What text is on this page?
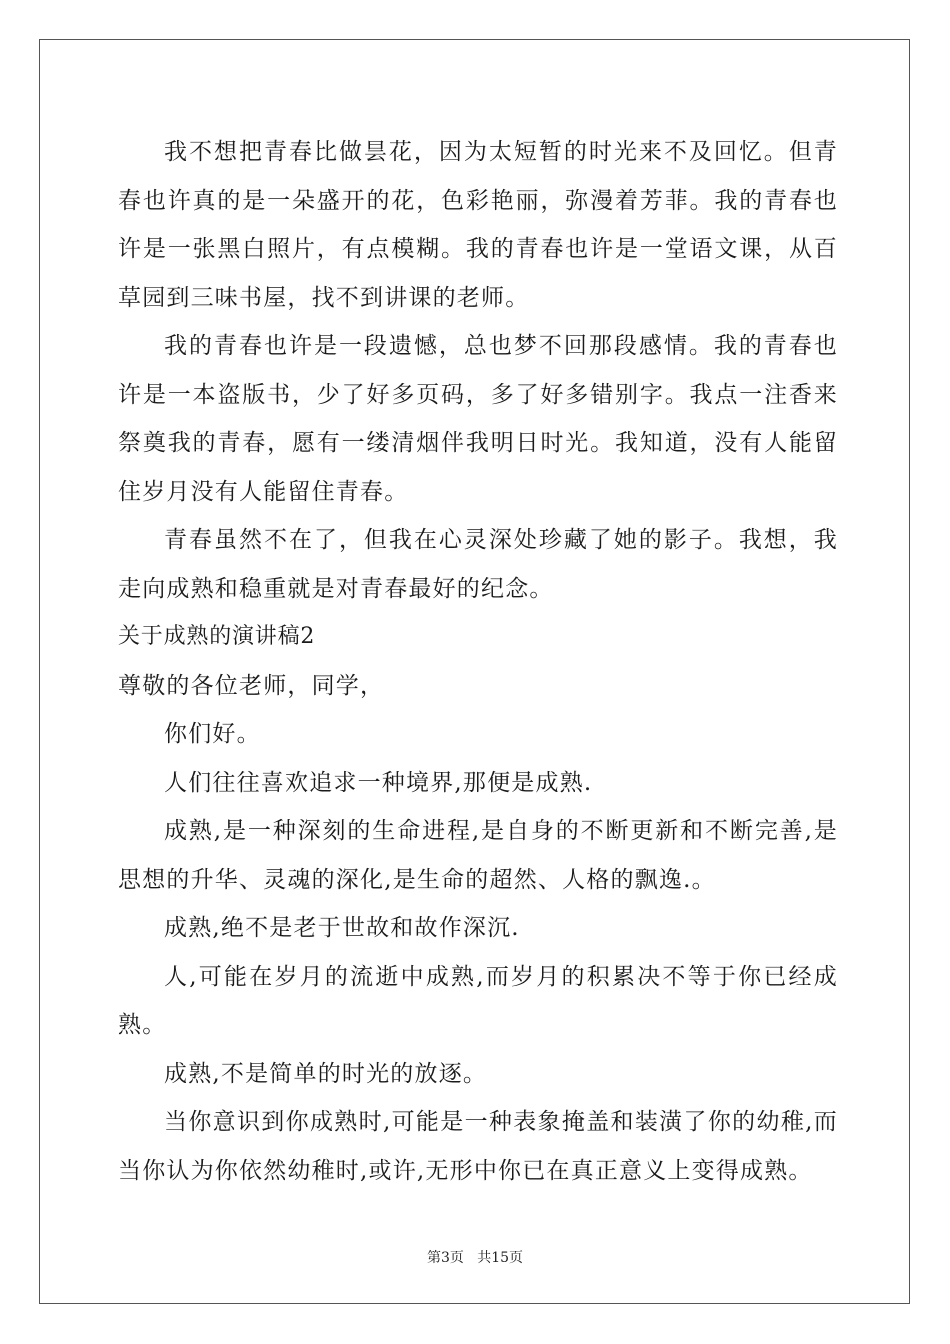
我不想把青春比做昙花，因为太短暂的时光来不及回忆。但青春也许真的是一朵盛开的花，色彩艳丽，弥漫着芳菲。我的青春也许是一张黑白照片，有点模糊。我的青春也许是一堂语文课，从百草园到三味书屋，找不到讲课的老师。

我的青春也许是一段遗憾，总也梦不回那段感情。我的青春也许是一本盗版书，少了好多页码，多了好多错别字。我点一注香来祭奠我的青春，愿有一缕清烟伴我明日时光。我知道，没有人能留住岁月没有人能留住青春。

青春虽然不在了，但我在心灵深处珍藏了她的影子。我想，我走向成熟和稳重就是对青春最好的纪念。

关于成熟的演讲稿2

尊敬的各位老师，同学，

你们好。

人们往往喜欢追求一种境界,那便是成熟.

成熟,是一种深刻的生命进程,是自身的不断更新和不断完善,是思想的升华、灵魂的深化,是生命的超然、人格的飘逸.。

成熟,绝不是老于世故和故作深沉.

人,可能在岁月的流逝中成熟,而岁月的积累决不等于你已经成熟。

成熟,不是简单的时光的放逐。

当你意识到你成熟时,可能是一种表象掩盖和装潢了你的幼稚,而当你认为你依然幼稚时,或许,无形中你已在真正意义上变得成熟。

第3页   共15页
